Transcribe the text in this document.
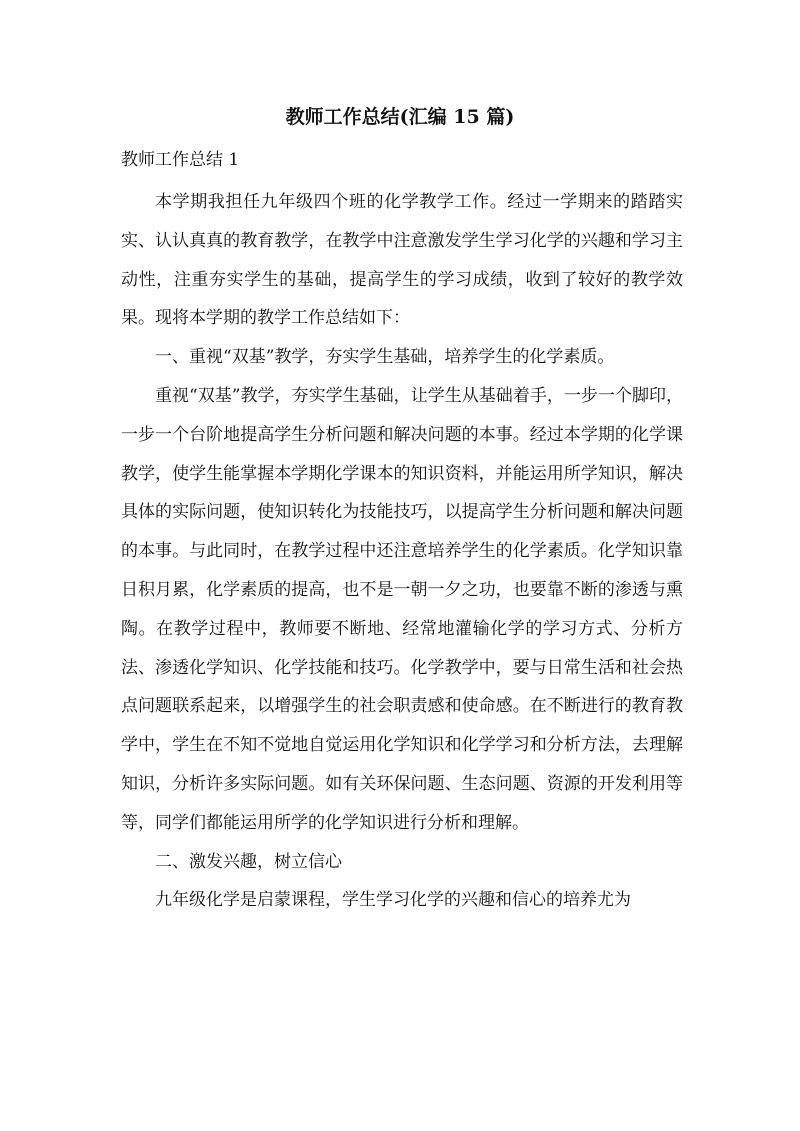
教师工作总结(汇编 15 篇)
教师工作总结 1

本学期我担任九年级四个班的化学教学工作。经过一学期来的踏踏实实、认认真真的教育教学，在教学中注意激发学生学习化学的兴趣和学习主动性，注重夯实学生的基础，提高学生的学习成绩，收到了较好的教学效果。现将本学期的教学工作总结如下：

一、重视“双基”教学，夯实学生基础，培养学生的化学素质。

重视“双基”教学，夯实学生基础，让学生从基础着手，一步一个脚印，一步一个台阶地提高学生分析问题和解决问题的本事。经过本学期的化学课教学，使学生能掌握本学期化学课本的知识资料，并能运用所学知识，解决具体的实际问题，使知识转化为技能技巧，以提高学生分析问题和解决问题的本事。与此同时，在教学过程中还注意培养学生的化学素质。化学知识靠日积月累，化学素质的提高，也不是一朝一夕之功，也要靠不断的渗透与熏陶。在教学过程中，教师要不断地、经常地灌输化学的学习方式、分析方法、渗透化学知识、化学技能和技巧。化学教学中，要与日常生活和社会热点问题联系起来，以增强学生的社会职责感和使命感。在不断进行的教育教学中，学生在不知不觉地自觉运用化学知识和化学学习和分析方法，去理解知识，分析许多实际问题。如有关环保问题、生态问题、资源的开发利用等等，同学们都能运用所学的化学知识进行分析和理解。

二、激发兴趣，树立信心

九年级化学是启蒙课程，学生学习化学的兴趣和信心的培养尤为
